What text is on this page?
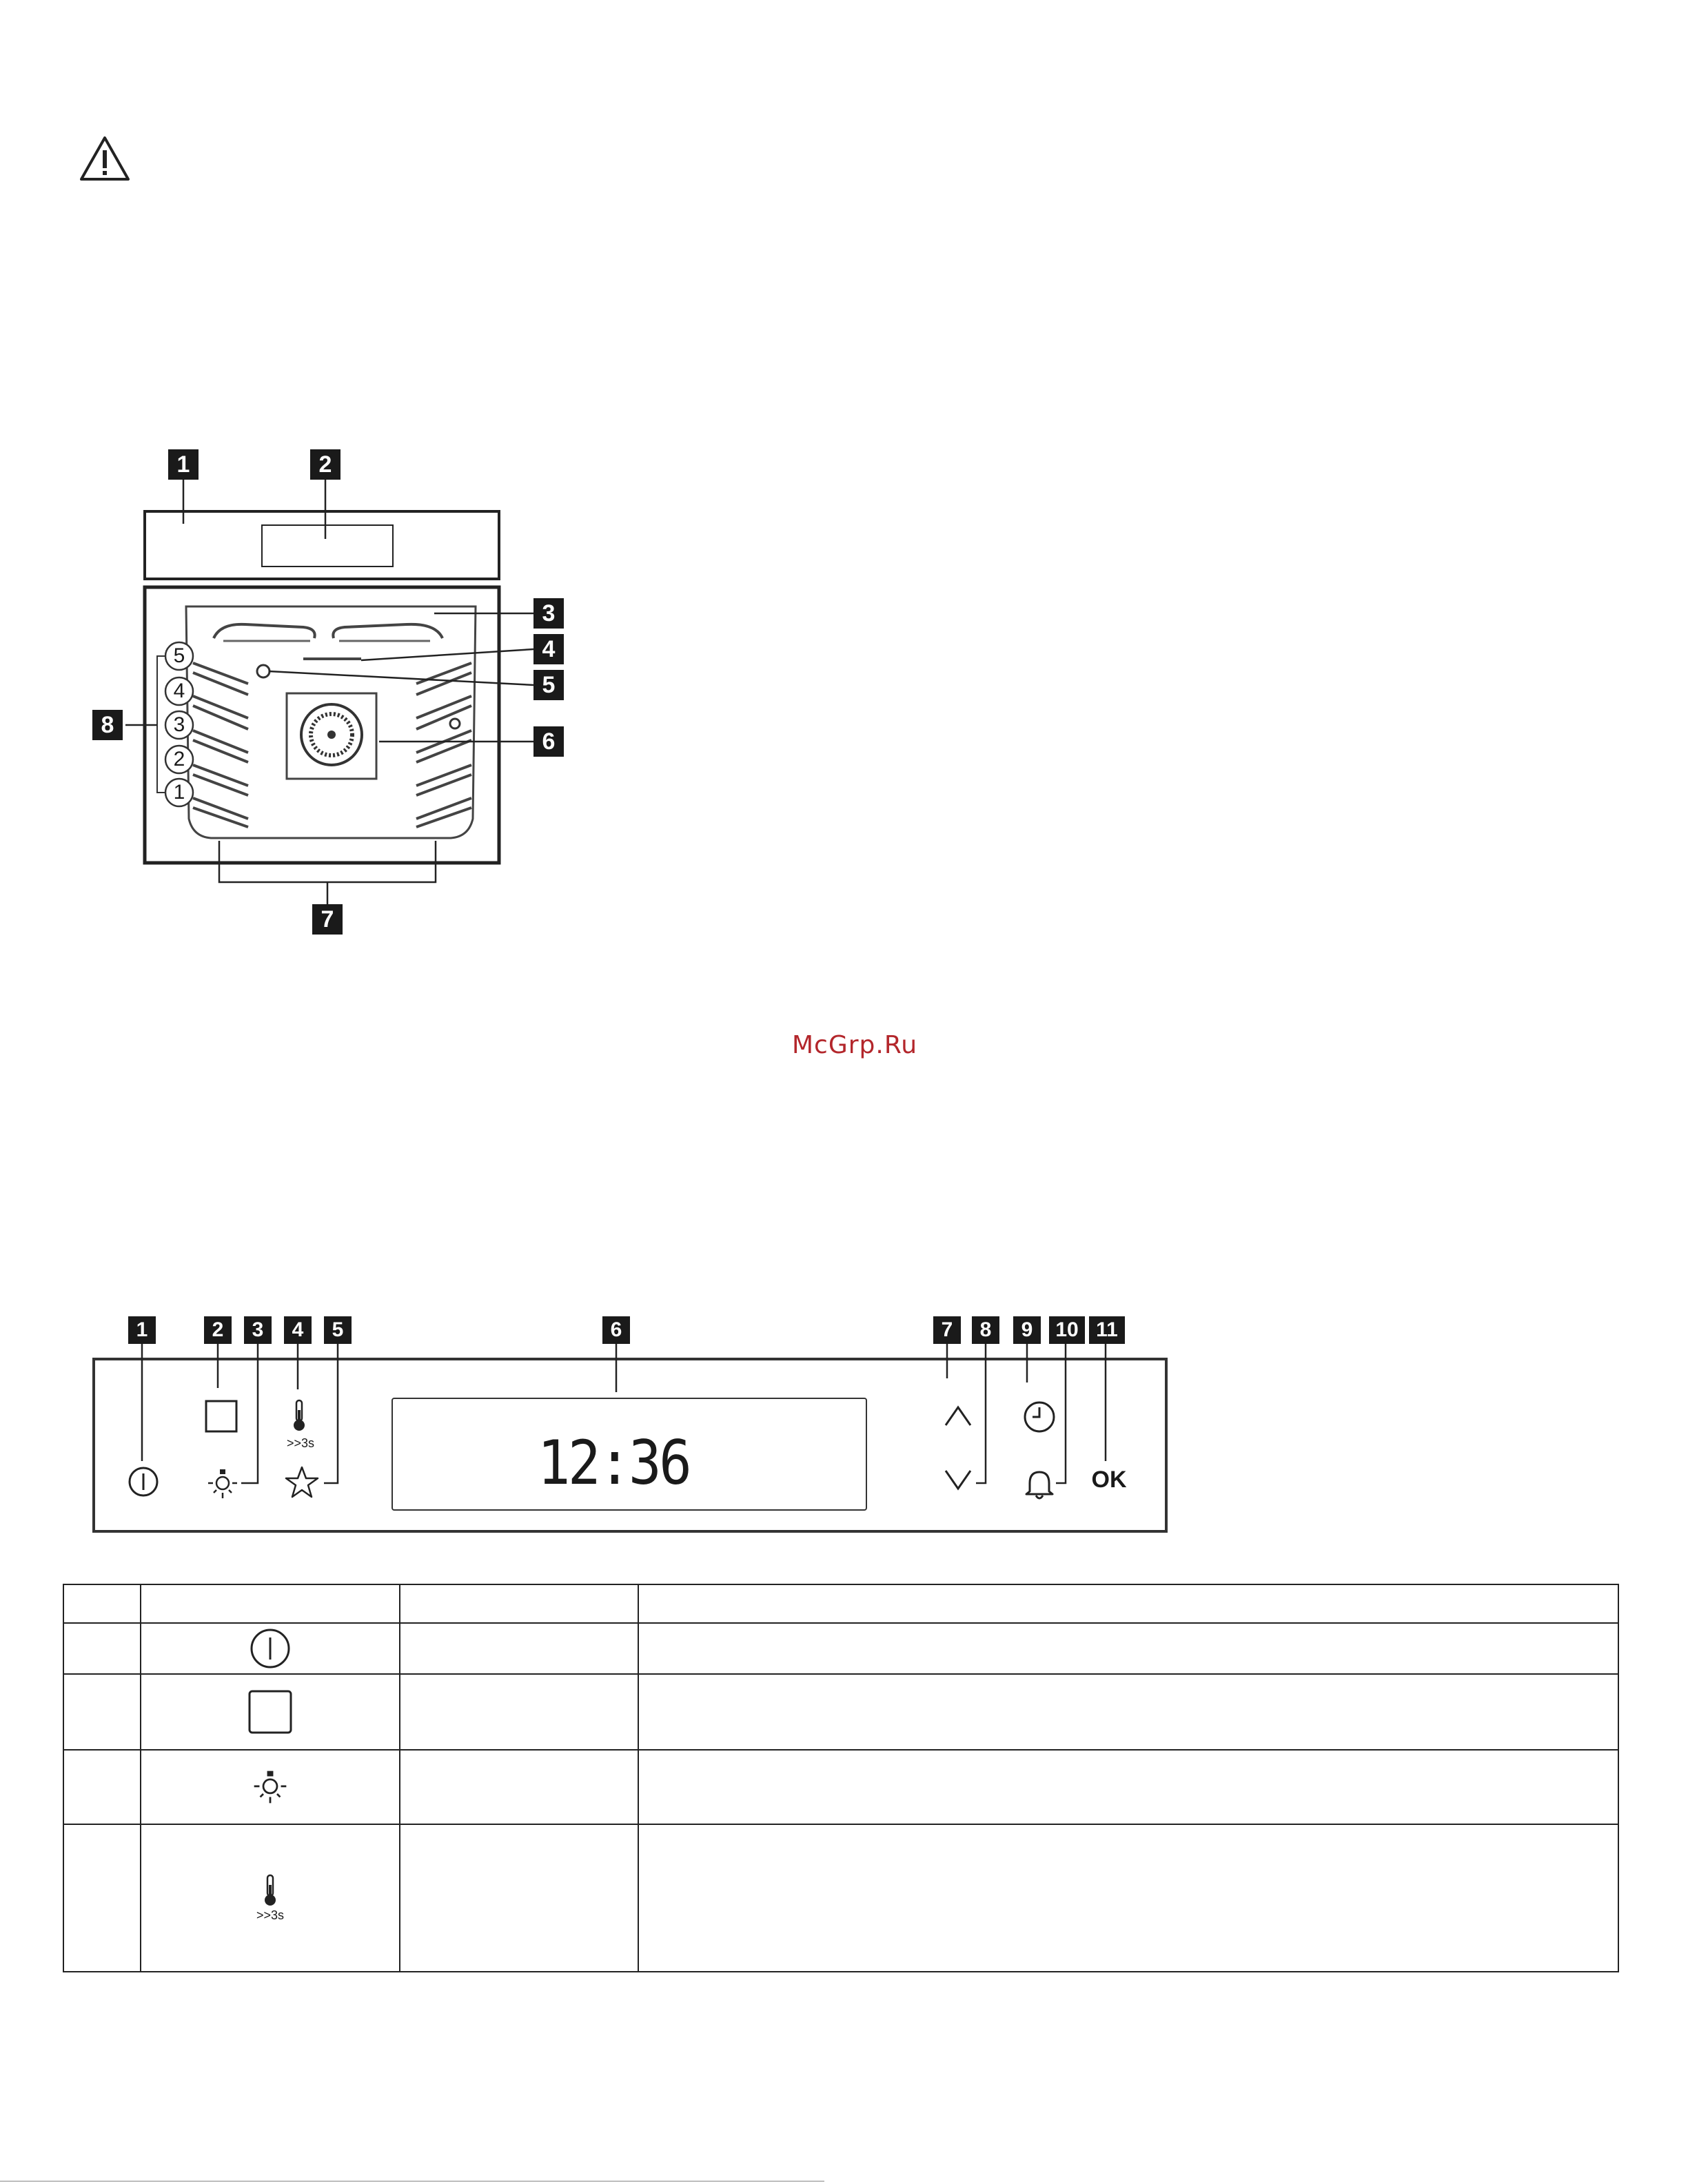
5
4
3
2
1
1	2
3
4
5
6
7
8
McGrp.Ru
1	2	3	4	5	6	7	8	9	10 11
>>3s	12:36	OK

	>>3s		
